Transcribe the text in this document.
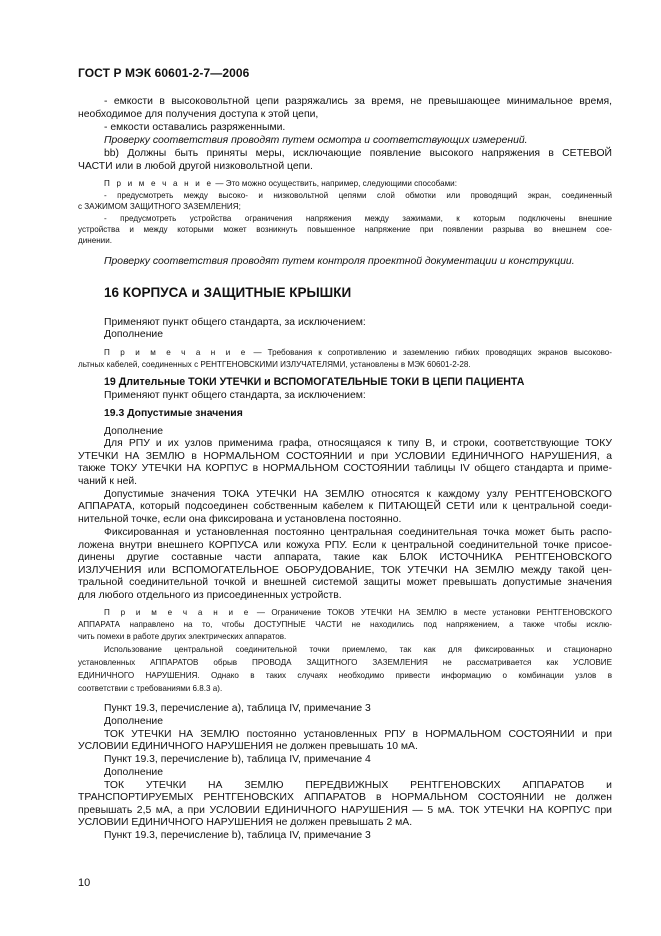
ГОСТ Р МЭК 60601-2-7—2006
- емкости в высоковольтной цепи разряжались за время, не превышающее минимальное время,
необходимое для получения доступа к этой цепи,
- емкости оставались разряженными.
Проверку соответствия проводят путем осмотра и соответствующих измерений.
bb) Должны быть приняты меры, исключающие появление высокого напряжения в СЕТЕВОЙ
ЧАСТИ или в любой другой низковольтной цепи.
П р и м е ч а н и е — Это можно осуществить, например, следующими способами:
- предусмотреть между высоко- и низковольтной цепями слой обмотки или проводящий экран, соединенный
с ЗАЖИМОМ ЗАЩИТНОГО ЗАЗЕМЛЕНИЯ;
- предусмотреть устройства ограничения напряжения между зажимами, к которым подключены внешние
устройства и между которыми может возникнуть повышенное напряжение при появлении разрыва во внешнем сое-
динении.
Проверку соответствия проводят путем контроля проектной документации и конструкции.
16 КОРПУСА и ЗАЩИТНЫЕ КРЫШКИ
Применяют пункт общего стандарта, за исключением:
Дополнение
П р и м е ч а н и е — Требования к сопротивлению и заземлению гибких проводящих экранов высоково-
льтных кабелей, соединенных с РЕНТГЕНОВСКИМИ ИЗЛУЧАТЕЛЯМИ, установлены в МЭК 60601-2-28.
19 Длительные ТОКИ УТЕЧКИ и ВСПОМОГАТЕЛЬНЫЕ ТОКИ В ЦЕПИ ПАЦИЕНТА
Применяют пункт общего стандарта, за исключением:
19.3 Допустимые значения
Дополнение
Для РПУ и их узлов применима графа, относящаяся к типу В, и строки, соответствующие ТОКУ
УТЕЧКИ НА ЗЕМЛЮ в НОРМАЛЬНОМ СОСТОЯНИИ и при УСЛОВИИ ЕДИНИЧНОГО НАРУШЕНИЯ, а
также ТОКУ УТЕЧКИ НА КОРПУС в НОРМАЛЬНОМ СОСТОЯНИИ таблицы IV общего стандарта и приме-
чаний к ней.
Допустимые значения ТОКА УТЕЧКИ НА ЗЕМЛЮ относятся к каждому узлу РЕНТГЕНОВСКОГО
АППАРАТА, который подсоединен собственным кабелем к ПИТАЮЩЕЙ СЕТИ или к центральной соеди-
нительной точке, если она фиксирована и установлена постоянно.
Фиксированная и установленная постоянно центральная соединительная точка может быть распо-
ложена внутри внешнего КОРПУСА или кожуха РПУ. Если к центральной соединительной точке присое-
динены другие составные части аппарата, такие как БЛОК ИСТОЧНИКА РЕНТГЕНОВСКОГО
ИЗЛУЧЕНИЯ или ВСПОМОГАТЕЛЬНОЕ ОБОРУДОВАНИЕ, ТОК УТЕЧКИ НА ЗЕМЛЮ между такой цен-
тральной соединительной точкой и внешней системой защиты может превышать допустимые значения
для любого отдельного из присоединенных устройств.
П р и м е ч а н и е — Ограничение ТОКОВ УТЕЧКИ НА ЗЕМЛЮ в месте установки РЕНТГЕНОВСКОГО
АППАРАТА направлено на то, чтобы ДОСТУПНЫЕ ЧАСТИ не находились под напряжением, а также чтобы исклю-
чить помехи в работе других электрических аппаратов.
Использование центральной соединительной точки приемлемо, так как для фиксированных и стационарно
установленных АППАРАТОВ обрыв ПРОВОДА ЗАЩИТНОГО ЗАЗЕМЛЕНИЯ не рассматривается как УСЛОВИЕ
ЕДИНИЧНОГО НАРУШЕНИЯ. Однако в таких случаях необходимо привести информацию о комбинации узлов в
соответствии с требованиями 6.8.3 а).
Пункт 19.3, перечисление а), таблица IV, примечание 3
Дополнение
ТОК УТЕЧКИ НА ЗЕМЛЮ постоянно установленных РПУ в НОРМАЛЬНОМ СОСТОЯНИИ и при
УСЛОВИИ ЕДИНИЧНОГО НАРУШЕНИЯ не должен превышать 10 мА.
Пункт 19.3, перечисление b), таблица IV, примечание 4
Дополнение
ТОК УТЕЧКИ НА ЗЕМЛЮ ПЕРЕДВИЖНЫХ РЕНТГЕНОВСКИХ АППАРАТОВ и
ТРАНСПОРТИРУЕМЫХ РЕНТГЕНОВСКИХ АППАРАТОВ в НОРМАЛЬНОМ СОСТОЯНИИ не должен
превышать 2,5 мА, а при УСЛОВИИ ЕДИНИЧНОГО НАРУШЕНИЯ — 5 мА. ТОК УТЕЧКИ НА КОРПУС при
УСЛОВИИ ЕДИНИЧНОГО НАРУШЕНИЯ не должен превышать 2 мА.
Пункт 19.3, перечисление b), таблица IV, примечание 3
10
